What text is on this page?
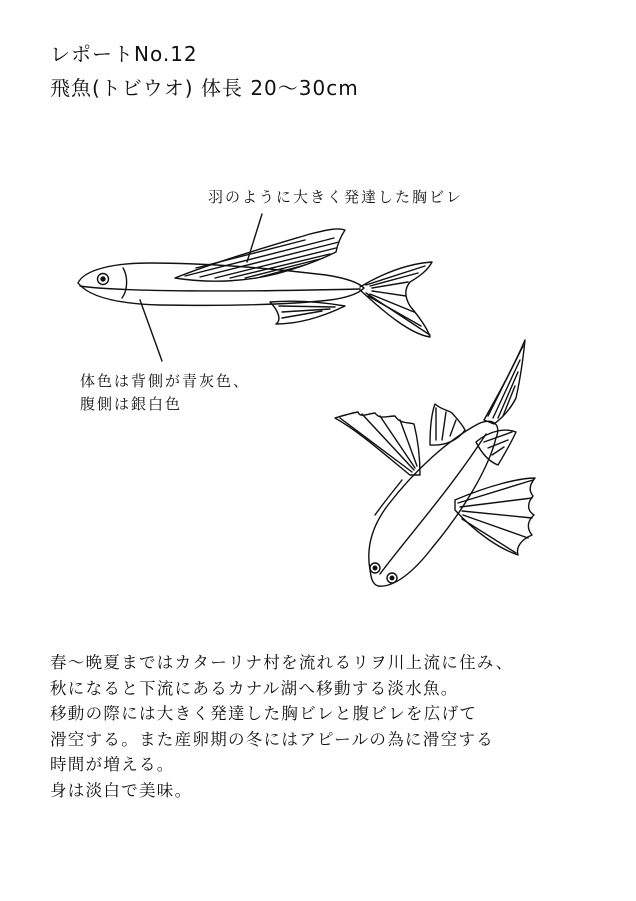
レポートNo.12
飛魚(トビウオ) 体長 20〜30cm
羽のように大きく発達した胸ビレ
体色は背側が青灰色、
腹側は銀白色
春〜晩夏まではカターリナ村を流れるリヲ川上流に住み、
秋になると下流にあるカナル湖へ移動する淡水魚。
移動の際には大きく発達した胸ビレと腹ビレを広げて
滑空する。また産卵期の冬にはアピールの為に滑空する
時間が増える。
身は淡白で美味。
